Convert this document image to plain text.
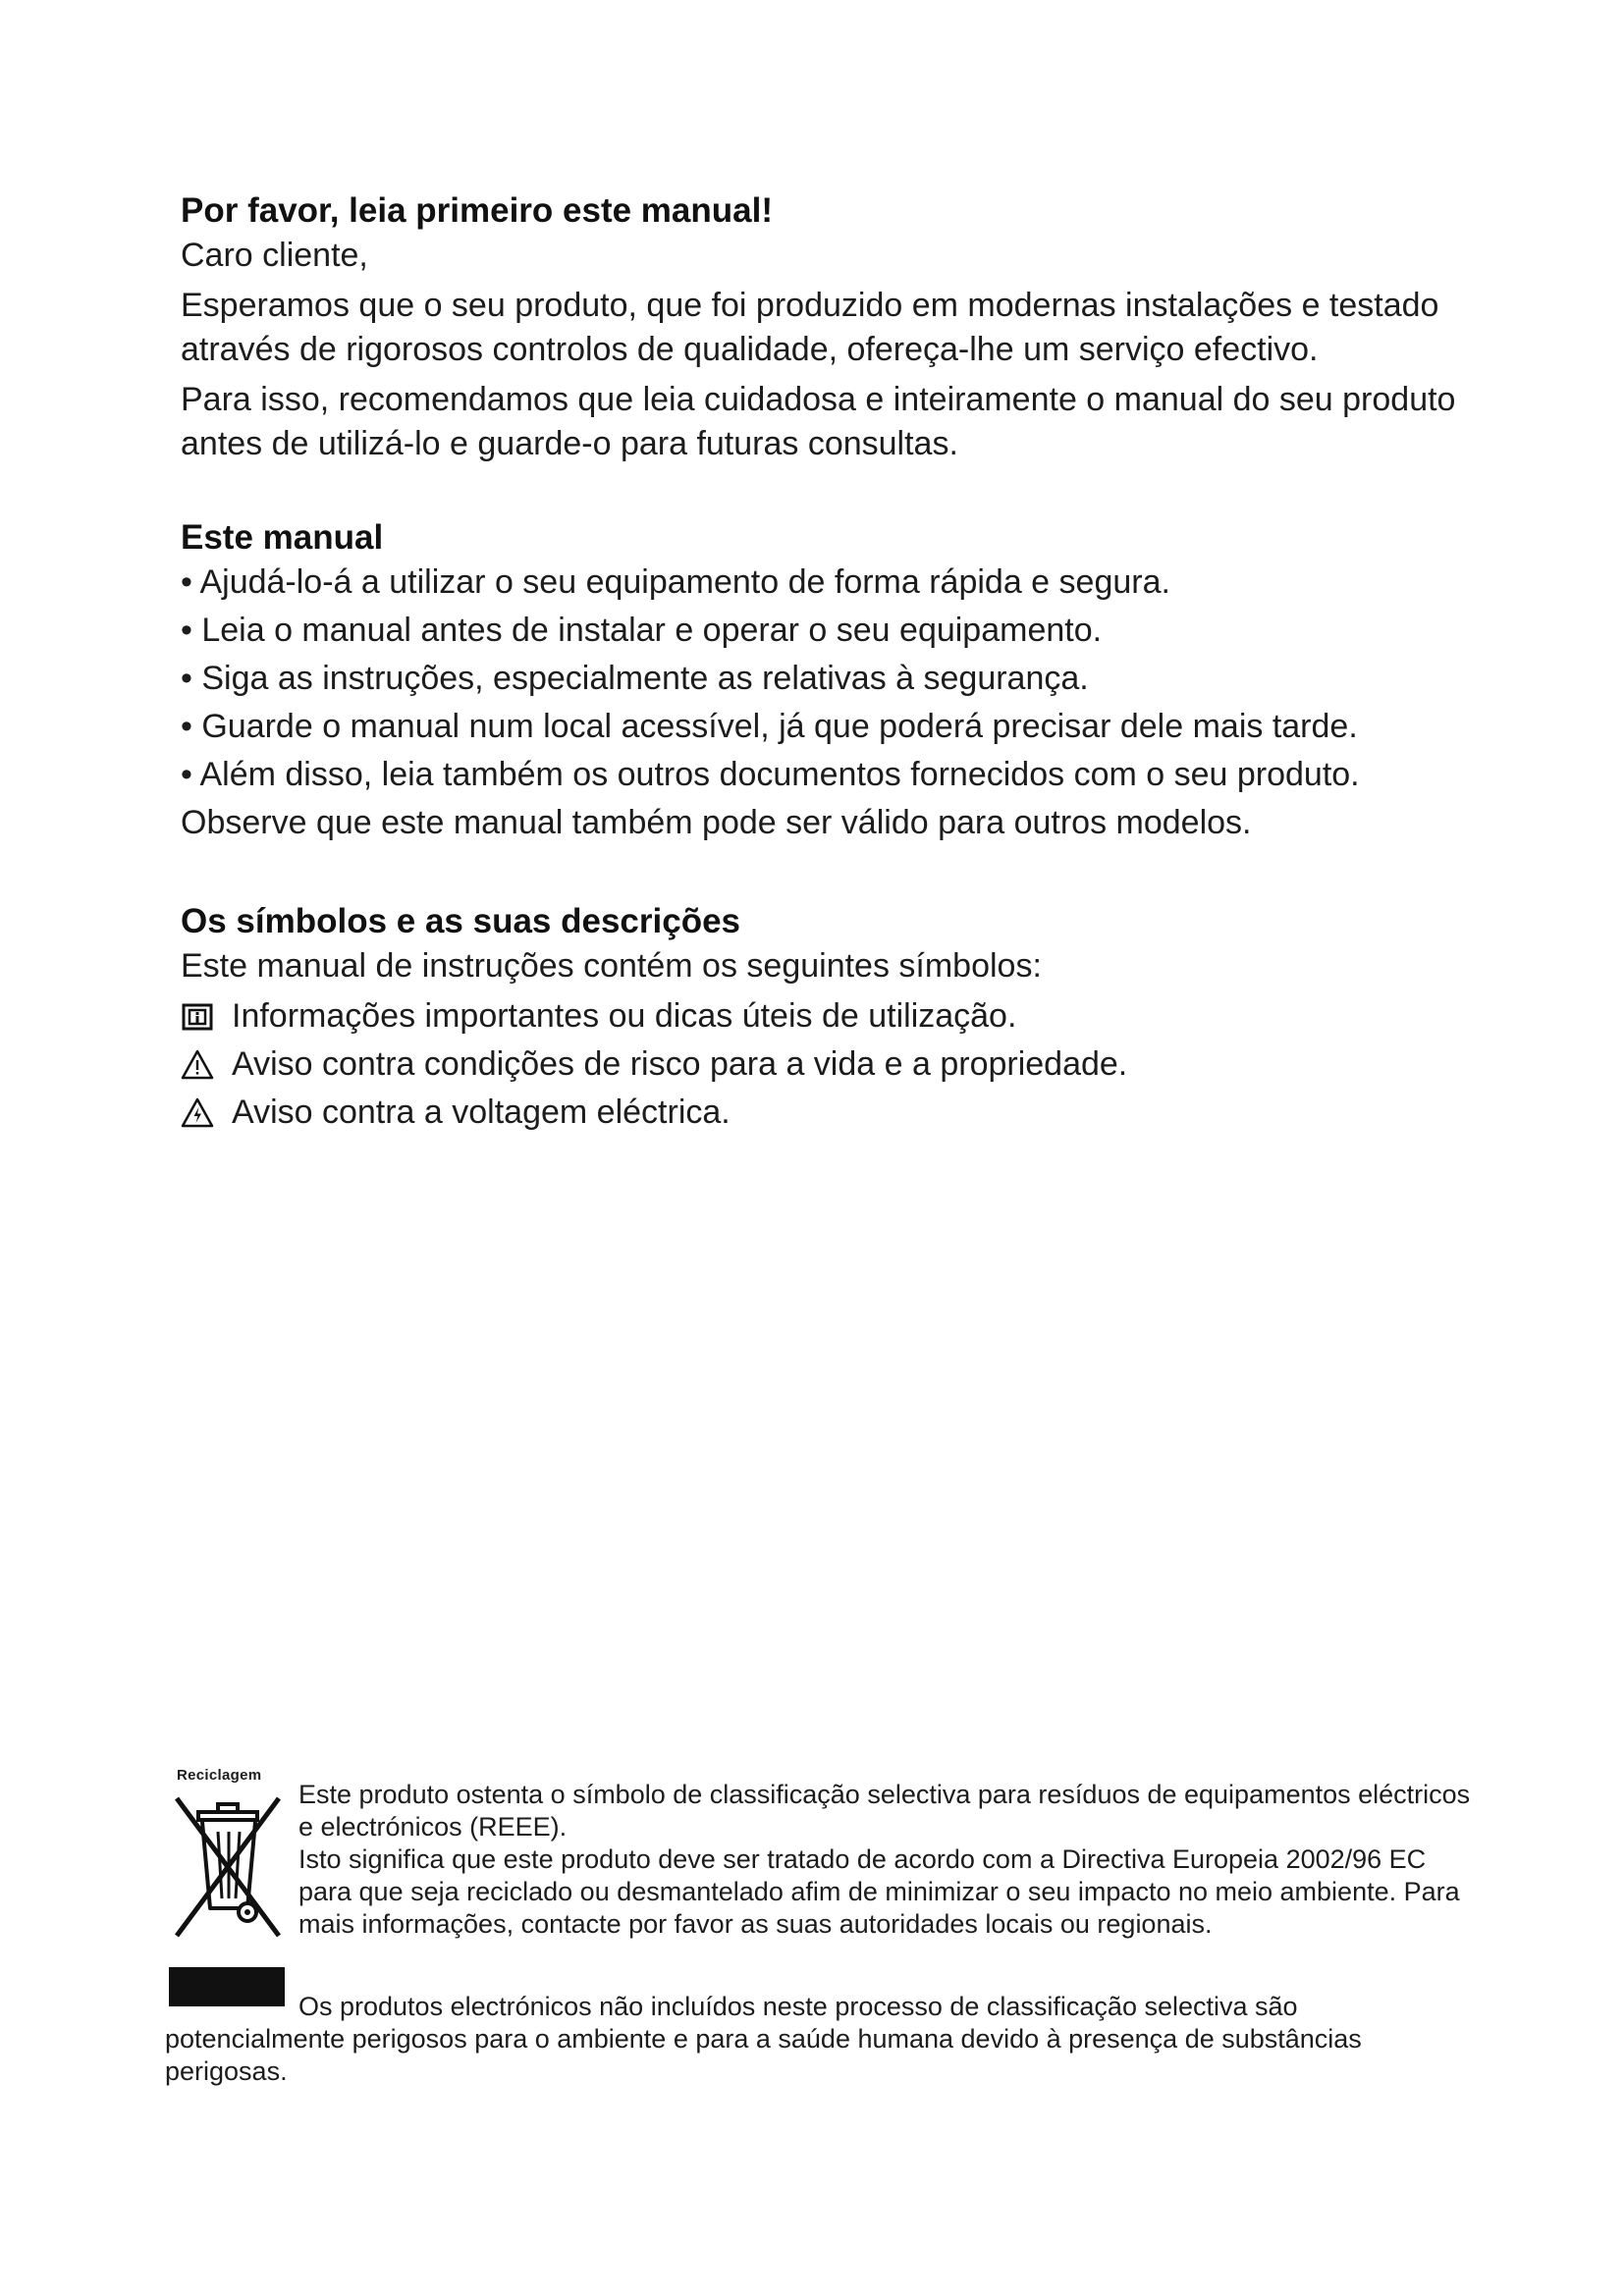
Por favor, leia primeiro este manual!

Caro cliente,

Esperamos que o seu produto, que foi produzido em modernas instalações e testado através de rigorosos controlos de qualidade, ofereça-lhe um serviço efectivo.

Para isso, recomendamos que leia cuidadosa e inteiramente o manual do seu produto antes de utilizá-lo e guarde-o para futuras consultas.

Este manual

• Ajudá-lo-á a utilizar o seu equipamento de forma rápida e segura.

• Leia o manual antes de instalar e operar o seu equipamento.

• Siga as instruções, especialmente as relativas à segurança.

• Guarde o manual num local acessível, já que poderá precisar dele mais tarde.

• Além disso, leia também os outros documentos fornecidos com o seu produto.

Observe que este manual também pode ser válido para outros modelos.

Os símbolos e as suas descrições

Este manual de instruções contém os seguintes símbolos:

Informações importantes ou dicas úteis de utilização.
Aviso contra condições de risco para a vida e a propriedade.
Aviso contra a voltagem eléctrica.
Reciclagem

Este produto ostenta o símbolo de classificação selectiva para resíduos de equipamentos eléctricos e electrónicos (REEE).

Isto significa que este produto deve ser tratado de acordo com a Directiva Europeia 2002/96 EC para que seja reciclado ou desmantelado afim de minimizar o seu impacto no meio ambiente. Para mais informações, contacte por favor as suas autoridades locais ou regionais.

Os produtos electrónicos não incluídos neste processo de classificação selectiva são
potencialmente perigosos para o ambiente e para a saúde humana devido à presença de substâncias perigosas.
